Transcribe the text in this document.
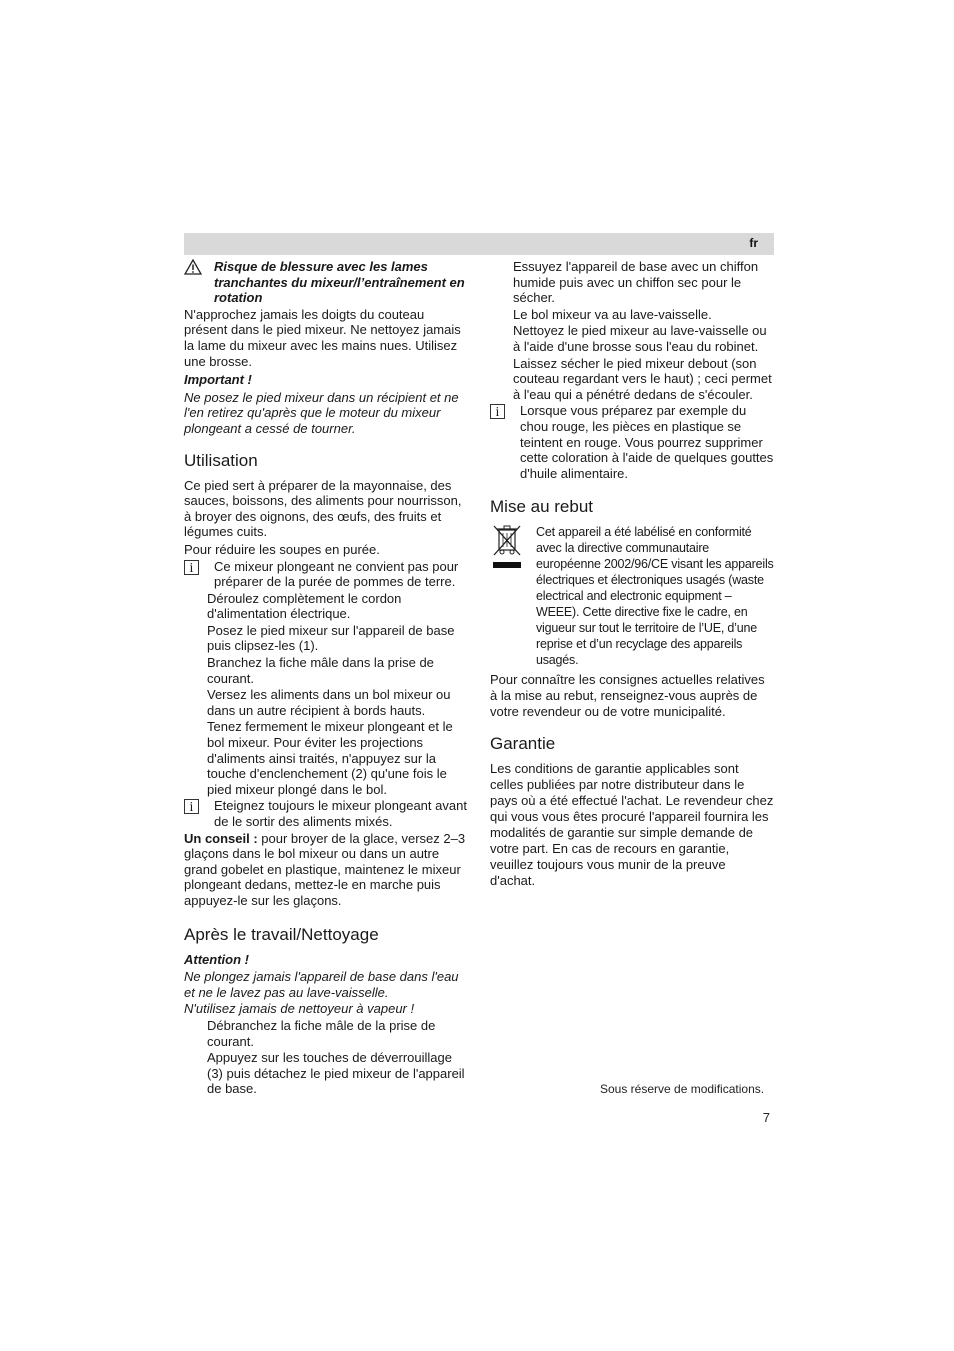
fr

Risque de blessure avec les lames tranchantes du mixeur/l’entraînement en rotation

N'approchez jamais les doigts du couteau présent dans le pied mixeur. Ne nettoyez jamais la lame du mixeur avec les mains nues. Utilisez une brosse.

Important !

Ne posez le pied mixeur dans un récipient et ne l'en retirez qu'après que le moteur du mixeur plongeant a cessé de tourner.

Utilisation

Ce pied sert à préparer de la mayonnaise, des sauces, boissons, des aliments pour nourrisson, à broyer des oignons, des œufs, des fruits et légumes cuits.

Pour réduire les soupes en purée.

i	Ce mixeur plongeant ne convient pas pour préparer de la purée de pommes de terre.

Déroulez complètement le cordon d'alimentation électrique.

Posez le pied mixeur sur l'appareil de base puis clipsez-les (1).

Branchez la fiche mâle dans la prise de courant.

Versez les aliments dans un bol mixeur ou dans un autre récipient à bords hauts.

Tenez fermement le mixeur plongeant et le bol mixeur. Pour éviter les projections d'aliments ainsi traités, n'appuyez sur la touche d'enclenchement (2) qu'une fois le pied mixeur plongé dans le bol.

i	Eteignez toujours le mixeur plongeant avant de le sortir des aliments mixés.

Un conseil : pour broyer de la glace, versez 2–3 glaçons dans le bol mixeur ou dans un autre grand gobelet en plastique, maintenez le mixeur plongeant dedans, mettez-le en marche puis appuyez-le sur les glaçons.

Après le travail/Nettoyage

Attention !

Ne plongez jamais l'appareil de base dans l'eau et ne le lavez pas au lave-vaisselle.

N'utilisez jamais de nettoyeur à vapeur !

Débranchez la fiche mâle de la prise de courant.

Appuyez sur les touches de déverrouillage (3) puis détachez le pied mixeur de l'appareil de base.

Essuyez l'appareil de base avec un chiffon humide puis avec un chiffon sec pour le sécher.

Le bol mixeur va au lave-vaisselle.

Nettoyez le pied mixeur au lave-vaisselle ou à l'aide d'une brosse sous l'eau du robinet.

Laissez sécher le pied mixeur debout (son couteau regardant vers le haut) ; ceci permet à l'eau qui a pénétré dedans de s'écouler.

i	Lorsque vous préparez par exemple du chou rouge, les pièces en plastique se teintent en rouge. Vous pourrez supprimer cette coloration à l'aide de quelques gouttes d'huile alimentaire.

Mise au rebut

Cet appareil a été labélisé en conformité avec la directive communautaire européenne 2002/96/CE visant les appareils électriques et électroniques usagés (waste electrical and electronic equipment – WEEE). Cette directive fixe le cadre, en vigueur sur tout le territoire de l’UE, d’une reprise et d’un recyclage des appareils usagés.

Pour connaître les consignes actuelles relatives à la mise au rebut, renseignez-vous auprès de votre revendeur ou de votre municipalité.

Garantie

Les conditions de garantie applicables sont celles publiées par notre distributeur dans le pays où a été effectué l'achat. Le revendeur chez qui vous vous êtes procuré l'appareil fournira les modalités de garantie sur simple demande de votre part. En cas de recours en garantie, veuillez toujours vous munir de la preuve d'achat.

Sous réserve de modifications.
7
